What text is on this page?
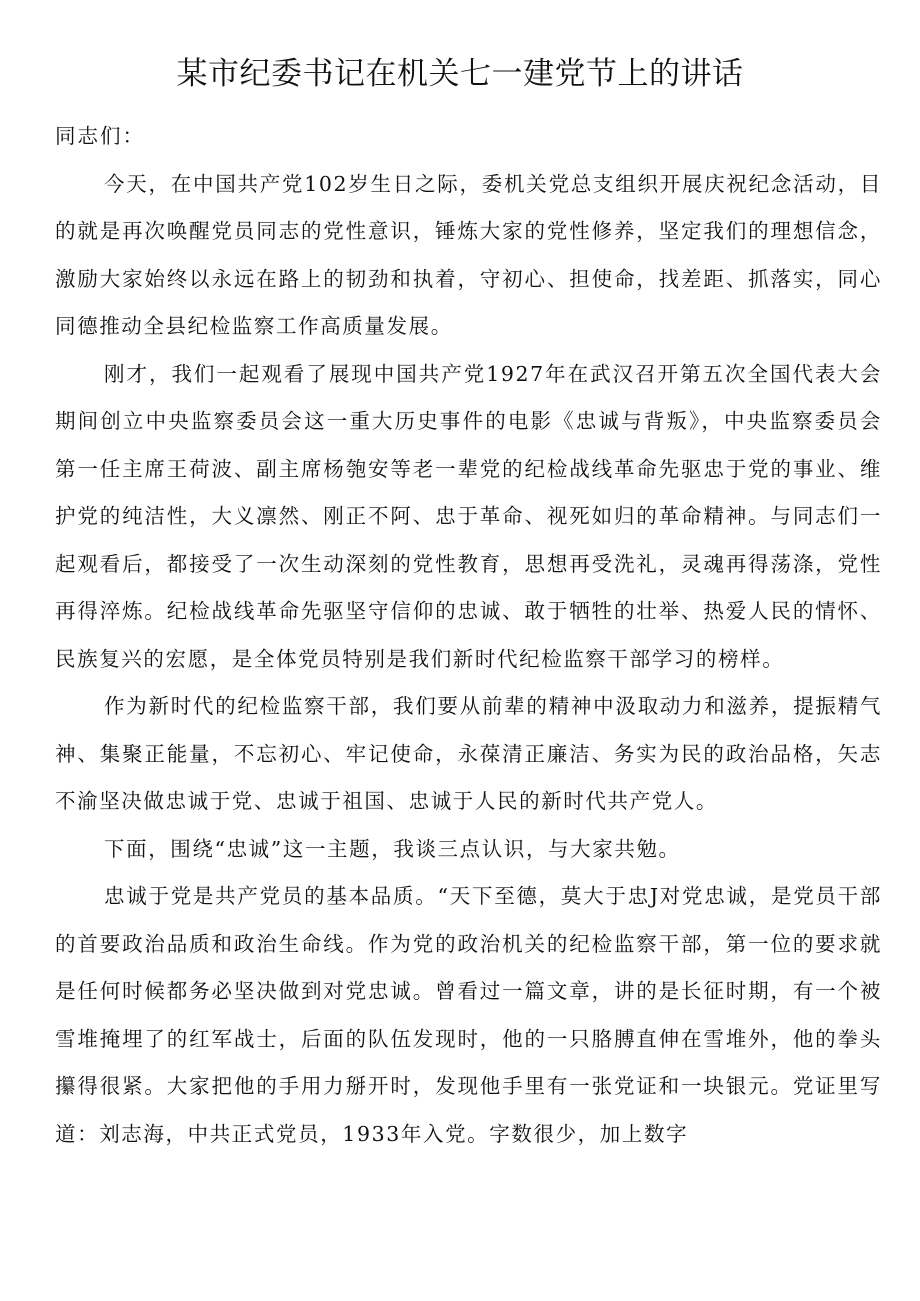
某市纪委书记在机关七一建党节上的讲话

同志们：

今天，在中国共产党102岁生日之际，委机关党总支组织开展庆祝纪念活动，目的就是再次唤醒党员同志的党性意识，锤炼大家的党性修养，坚定我们的理想信念，激励大家始终以永远在路上的韧劲和执着，守初心、担使命，找差距、抓落实，同心同德推动全县纪检监察工作高质量发展。

刚才，我们一起观看了展现中国共产党1927年在武汉召开第五次全国代表大会期间创立中央监察委员会这一重大历史事件的电影《忠诚与背叛》，中央监察委员会第一任主席王荷波、副主席杨匏安等老一辈党的纪检战线革命先驱忠于党的事业、维护党的纯洁性，大义凛然、刚正不阿、忠于革命、视死如归的革命精神。与同志们一起观看后，都接受了一次生动深刻的党性教育，思想再受洗礼，灵魂再得荡涤，党性再得淬炼。纪检战线革命先驱坚守信仰的忠诚、敢于牺牲的壮举、热爱人民的情怀、民族复兴的宏愿，是全体党员特别是我们新时代纪检监察干部学习的榜样。

作为新时代的纪检监察干部，我们要从前辈的精神中汲取动力和滋养，提振精气神、集聚正能量，不忘初心、牢记使命，永葆清正廉洁、务实为民的政治品格，矢志不渝坚决做忠诚于党、忠诚于祖国、忠诚于人民的新时代共产党人。

下面，围绕“忠诚”这一主题，我谈三点认识，与大家共勉。

忠诚于党是共产党员的基本品质。“天下至德，莫大于忠J对党忠诚，是党员干部的首要政治品质和政治生命线。作为党的政治机关的纪检监察干部，第一位的要求就是任何时候都务必坚决做到对党忠诚。曾看过一篇文章，讲的是长征时期，有一个被雪堆掩埋了的红军战士，后面的队伍发现时，他的一只胳膊直伸在雪堆外，他的拳头攥得很紧。大家把他的手用力掰开时，发现他手里有一张党证和一块银元。党证里写道：刘志海，中共正式党员，1933年入党。字数很少，加上数字
